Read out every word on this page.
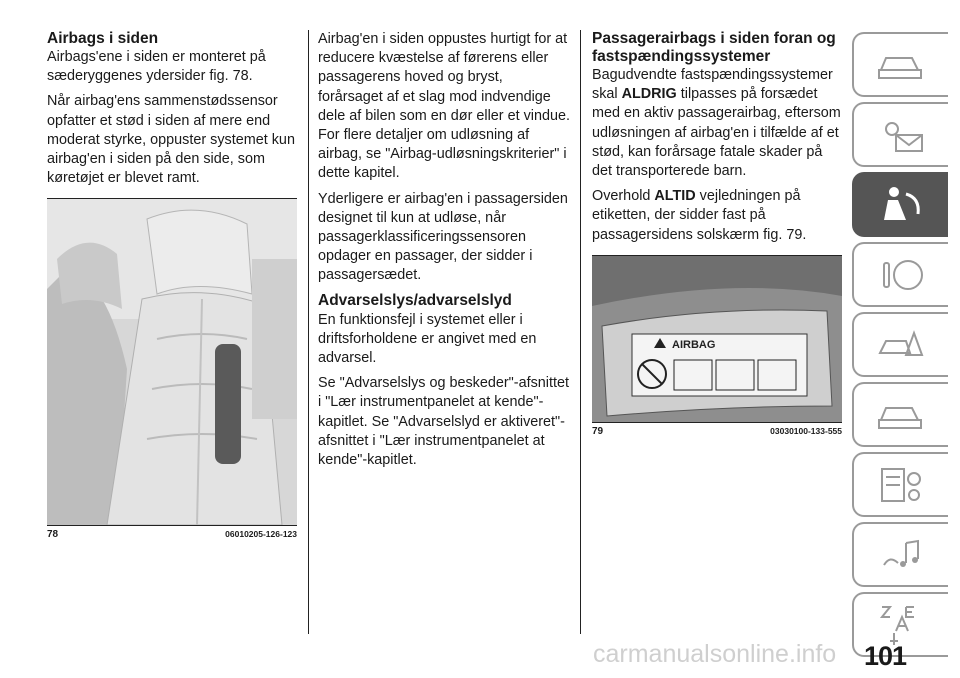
Airbags i siden

Airbags'ene i siden er monteret på sæderyggenes ydersider fig. 78.

Når airbag'ens sammenstødssensor opfatter et stød i siden af mere end moderat styrke, oppuster systemet kun airbag'en i siden på den side, som køretøjet er blevet ramt.

78	06010205-126-123

Airbag'en i siden oppustes hurtigt for at reducere kvæstelse af førerens eller passagerens hoved og bryst, forårsaget af et slag mod indvendige dele af bilen som en dør eller et vindue. For flere detaljer om udløsning af airbag, se "Airbag-udløsningskriterier" i dette kapitel.

Yderligere er airbag'en i passagersiden designet til kun at udløse, når passagerklassificeringssensoren opdager en passager, der sidder i passagersædet.

Advarselslys/advarselslyd

En funktionsfejl i systemet eller i driftsforholdene er angivet med en advarsel.

Se "Advarselslys og beskeder"-afsnittet i "Lær instrumentpanelet at kende"-kapitlet. Se "Advarselslyd er aktiveret"-afsnittet i "Lær instrumentpanelet at kende"-kapitlet.

Passagerairbags i siden foran og fastspændingssystemer

Bagudvendte fastspændingssystemer skal ALDRIG tilpasses på forsædet med en aktiv passagerairbag, eftersom udløsningen af airbag'en i tilfælde af et stød, kan forårsage fatale skader på det transporterede barn.

Overhold ALTID vejledningen på etiketten, der sidder fast på passagersidens solskærm fig. 79.

AIRBAG
79	03030100-133-555
carmanualsonline.info 101
